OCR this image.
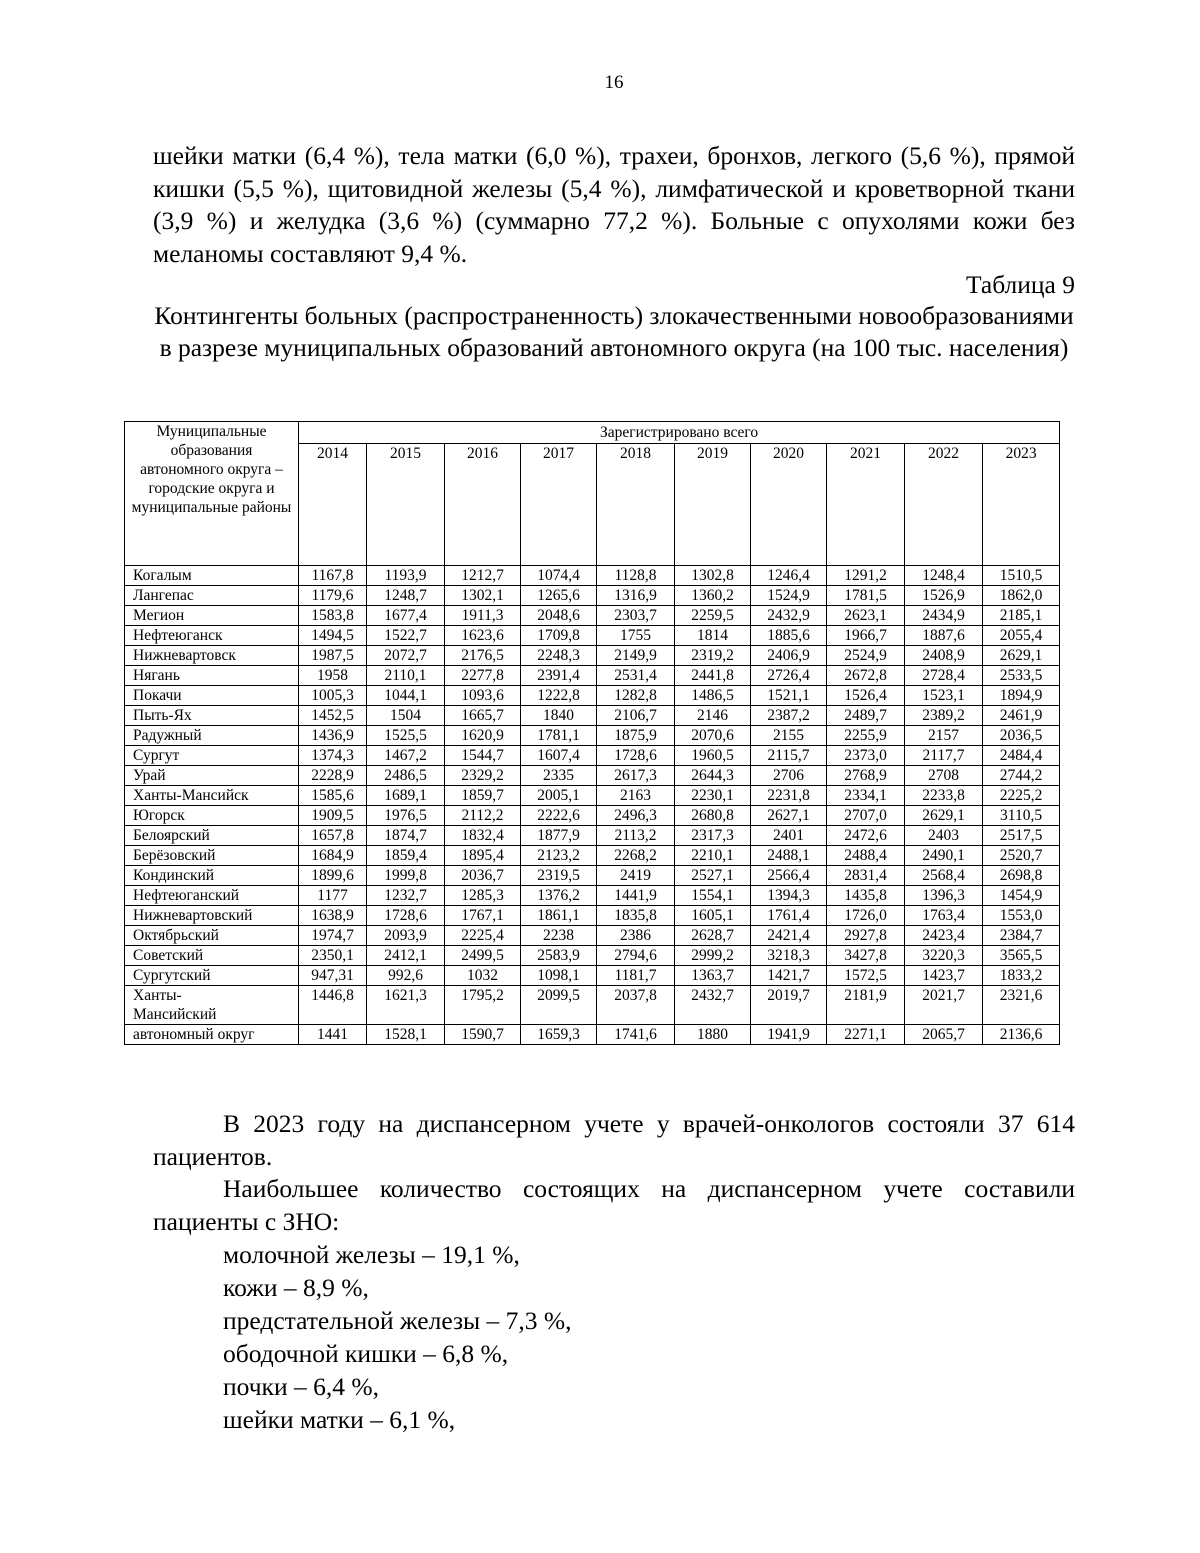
16

шейки матки (6,4 %), тела матки (6,0 %), трахеи, бронхов, легкого (5,6 %), прямой кишки (5,5 %), щитовидной железы (5,4 %), лимфатической и кроветворной ткани (3,9 %) и желудка (3,6 %) (суммарно 77,2 %). Больные с опухолями кожи без меланомы составляют 9,4 %.

Таблица 9

Контингенты больных (распространенность) злокачественными новообразованиями в разрезе муниципальных образований автономного округа (на 100 тыс. населения)

Муниципальные образования автономного округа – городские округа и муниципальные районы	Зарегистрировано всего									
	2014	2015	2016	2017	2018	2019	2020	2021	2022	2023
Когалым	1167,8	1193,9	1212,7	1074,4	1128,8	1302,8	1246,4	1291,2	1248,4	1510,5
Лангепас	1179,6	1248,7	1302,1	1265,6	1316,9	1360,2	1524,9	1781,5	1526,9	1862,0
Мегион	1583,8	1677,4	1911,3	2048,6	2303,7	2259,5	2432,9	2623,1	2434,9	2185,1
Нефтеюганск	1494,5	1522,7	1623,6	1709,8	1755	1814	1885,6	1966,7	1887,6	2055,4
Нижневартовск	1987,5	2072,7	2176,5	2248,3	2149,9	2319,2	2406,9	2524,9	2408,9	2629,1
Нягань	1958	2110,1	2277,8	2391,4	2531,4	2441,8	2726,4	2672,8	2728,4	2533,5
Покачи	1005,3	1044,1	1093,6	1222,8	1282,8	1486,5	1521,1	1526,4	1523,1	1894,9
Пыть-Ях	1452,5	1504	1665,7	1840	2106,7	2146	2387,2	2489,7	2389,2	2461,9
Радужный	1436,9	1525,5	1620,9	1781,1	1875,9	2070,6	2155	2255,9	2157	2036,5
Сургут	1374,3	1467,2	1544,7	1607,4	1728,6	1960,5	2115,7	2373,0	2117,7	2484,4
Урай	2228,9	2486,5	2329,2	2335	2617,3	2644,3	2706	2768,9	2708	2744,2
Ханты-Мансийск	1585,6	1689,1	1859,7	2005,1	2163	2230,1	2231,8	2334,1	2233,8	2225,2
Югорск	1909,5	1976,5	2112,2	2222,6	2496,3	2680,8	2627,1	2707,0	2629,1	3110,5
Белоярский	1657,8	1874,7	1832,4	1877,9	2113,2	2317,3	2401	2472,6	2403	2517,5
Берёзовский	1684,9	1859,4	1895,4	2123,2	2268,2	2210,1	2488,1	2488,4	2490,1	2520,7
Кондинский	1899,6	1999,8	2036,7	2319,5	2419	2527,1	2566,4	2831,4	2568,4	2698,8
Нефтеюганский	1177	1232,7	1285,3	1376,2	1441,9	1554,1	1394,3	1435,8	1396,3	1454,9
Нижневартовский	1638,9	1728,6	1767,1	1861,1	1835,8	1605,1	1761,4	1726,0	1763,4	1553,0
Октябрьский	1974,7	2093,9	2225,4	2238	2386	2628,7	2421,4	2927,8	2423,4	2384,7
Советский	2350,1	2412,1	2499,5	2583,9	2794,6	2999,2	3218,3	3427,8	3220,3	3565,5
Сургутский	947,31	992,6	1032	1098,1	1181,7	1363,7	1421,7	1572,5	1423,7	1833,2

Ханты-
Мансийский	1446,8	1621,3	1795,2	2099,5	2037,8	2432,7	2019,7	2181,9	2021,7	2321,6
автономный округ	1441	1528,1	1590,7	1659,3	1741,6	1880	1941,9	2271,1	2065,7	2136,6

В 2023 году на диспансерном учете у врачей-онкологов состояли 37 614 пациентов.

Наибольшее количество состоящих на диспансерном учете составили пациенты с ЗНО:

молочной железы – 19,1 %,
кожи – 8,9 %,
предстательной железы – 7,3 %,
ободочной кишки – 6,8 %,
почки – 6,4 %,
шейки матки – 6,1 %,
